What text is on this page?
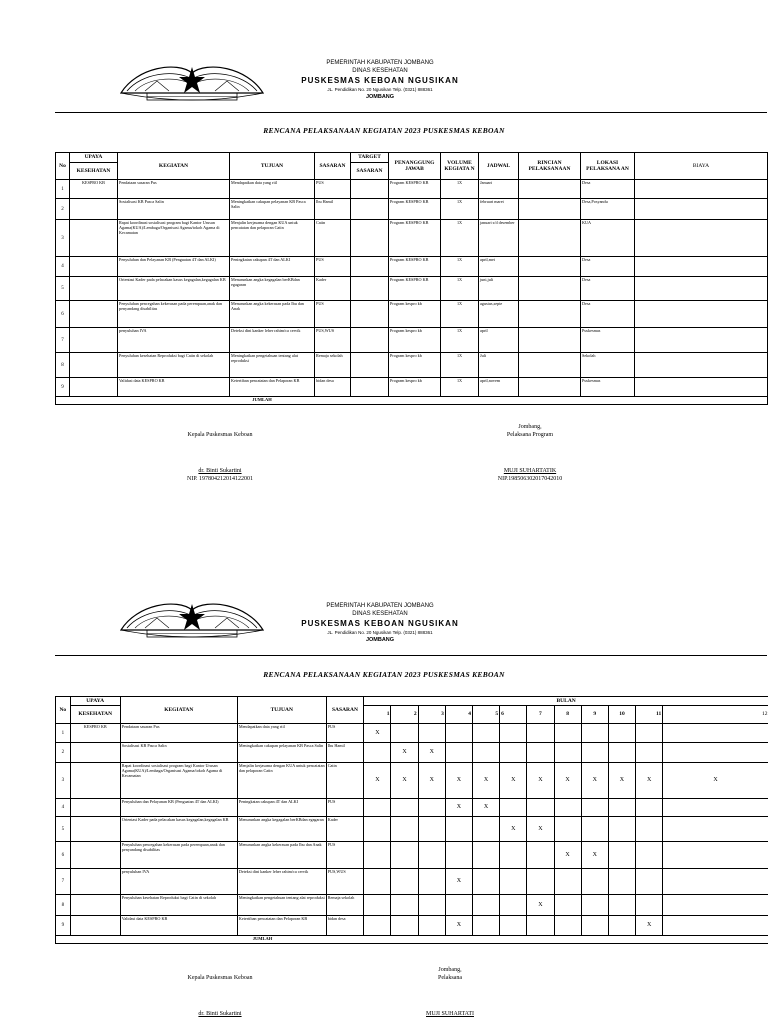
PEMERINTAH KABUPATEN JOMBANG
DINAS KESEHATAN
PUSKESMAS KEBOAN NGUSIKAN
JL. Pendidikan No. 20 Ngusikan Telp. (0321) 888361
JOMBANG
RENCANA PELAKSANAAN KEGIATAN 2023 PUSKESMAS KEBOAN
No	UPAYA	KEGIATAN	TUJUAN	SASARAN	TARGET	PENANGGUNG JAWAB	VOLUME KEGIATA N	JADWAL	RINCIAN PELAKSANAAN	LOKASI PELAKSANA AN	BIAYA
	KESEHATAN				SASARAN						
1	KESPRO KB	Pendataan sasaran Pus	Mendapatkan data yang riil	PUS		Program KESPRO KB	1X	Januari		Desa	
2		Sosialisasi KB Pasca Salin	Meningkatkan cakupan pelayanan KB Pasca Salin	Ibu Hamil		Program KESPRO KB	1X	februari maret		Desa,Posyandu	
3		Rapat koordinasi sosialisasi program bagi Kantor Urusan Agama(KUA)/Lembaga/Organisasi Agama/tokoh Agama di Kecamatan	Menjalin kerjasama dengan KUA untuk pencatatan dan pelaporan Catin	Catin		Program KESPRO KB	1X	januari s/d desember		KUA	
4		Penyuluhan dan Pelayanan KB (Penguatan 4T dan ALKI)	Peningkatan cakupan 4T dan ALKI	PUS		Program KESPRO KB	1X	april,mei		Desa	
5		Orientasi Kader pada pelacakan kasus kegagalan,kegagalan KB	Menurunkan angka kegagalan berKBdan egagaran	Kader		Program KESPRO KB	1X	juni,juli		Desa	
6		Penyuluhan pencegahan kekerasan pada perempuan,anak dan penyandang disabilitas	Menurunkan angka kekerasan pada Ibu dan Anak	PUS		Program kespro kb	1X	agustus,septe		Desa	
7		penyuluhan IVA	Deteksi dini kanker leher rahim/ca cervik	PUS,WUS		Program kespro kb	1X	april		Puskesmas	
8		Penyuluhan kesehatan Reproduksi bagi Catin di sekolah	Meningkatkan pengetahuan tentang alat reproduksi	Remaja sekolah		Program kespro kb	1X	Juli		Sekolah	
9		Validasi data KESPRO KB	Ketertiban pencatatan dan Pelaporan KB	bidan desa		Program kespro kb	1X	april,novem		Puskesmas	
JUMLAH											
Kepala Puskesmas Keboan
dr. Binti Sukartini
NIP. 197804212014122001
Jombang,
Pelaksana Program
MUJI SUHARTATIK
NIP.198506302017042010
PEMERINTAH KABUPATEN JOMBANG
DINAS KESEHATAN
PUSKESMAS KEBOAN NGUSIKAN
JL. Pendidikan No. 20 Ngusikan Telp. (0321) 888361
JOMBANG
RENCANA PELAKSANAAN KEGIATAN 2023 PUSKESMAS KEBOAN
No	UPAYA	KEGIATAN	TUJUAN	SASARAN	BULAN											
	KESEHATAN				1	2	3	4	5	6	7	8	9	10	11	12
1	KESPRO KB	Pendataan sasaran Pus	Mendapatkan data yang riil	PUS	X											
2		Sosialisasi KB Pasca Salin	Meningkatkan cakupan pelayanan KB Pasca Salin	Ibu Hamil		X	X									
3		Rapat koordinasi sosialisasi program bagi Kantor Urusan Agama(KUA)/Lembaga/Organisasi Agama/tokoh Agama di Kecamatan	Menjalin kerjasama dengan KUA untuk pencatatan dan pelaporan Catin	Catin	X	X	X	X	X	X	X	X	X	X	X	X
4		Penyuluhan dan Pelayanan KB (Penguatan 4T dan ALKI)	Peningkatan cakupan 4T dan ALKI	PUS				X	X							
5		Orientasi Kader pada pelacakan kasus kegagalan,kegagalan KB	Menurunkan angka kegagalan berKBdan egagaran	Kader						X	X					
6		Penyuluhan pencegahan kekerasan pada perempuan,anak dan penyandang disabilitas	Menurunkan angka kekerasan pada Ibu dan Anak	PUS								X	X			
7		penyuluhan IVA	Deteksi dini kanker leher rahim/ca cervik	PUS,WUS				X								
8		Penyuluhan kesehatan Reproduksi bagi Catin di sekolah	Meningkatkan pengetahuan tentang alat reproduksi	Remaja sekolah							X					
9		Validasi data KESPRO KB	Ketertiban pencatatan dan Pelaporan KB	bidan desa				X							X	
JUMLAH																
Kepala Puskesmas Keboan
dr. Binti Sukartini
Jombang,
Pelaksana
MUJI SUHARTATI
